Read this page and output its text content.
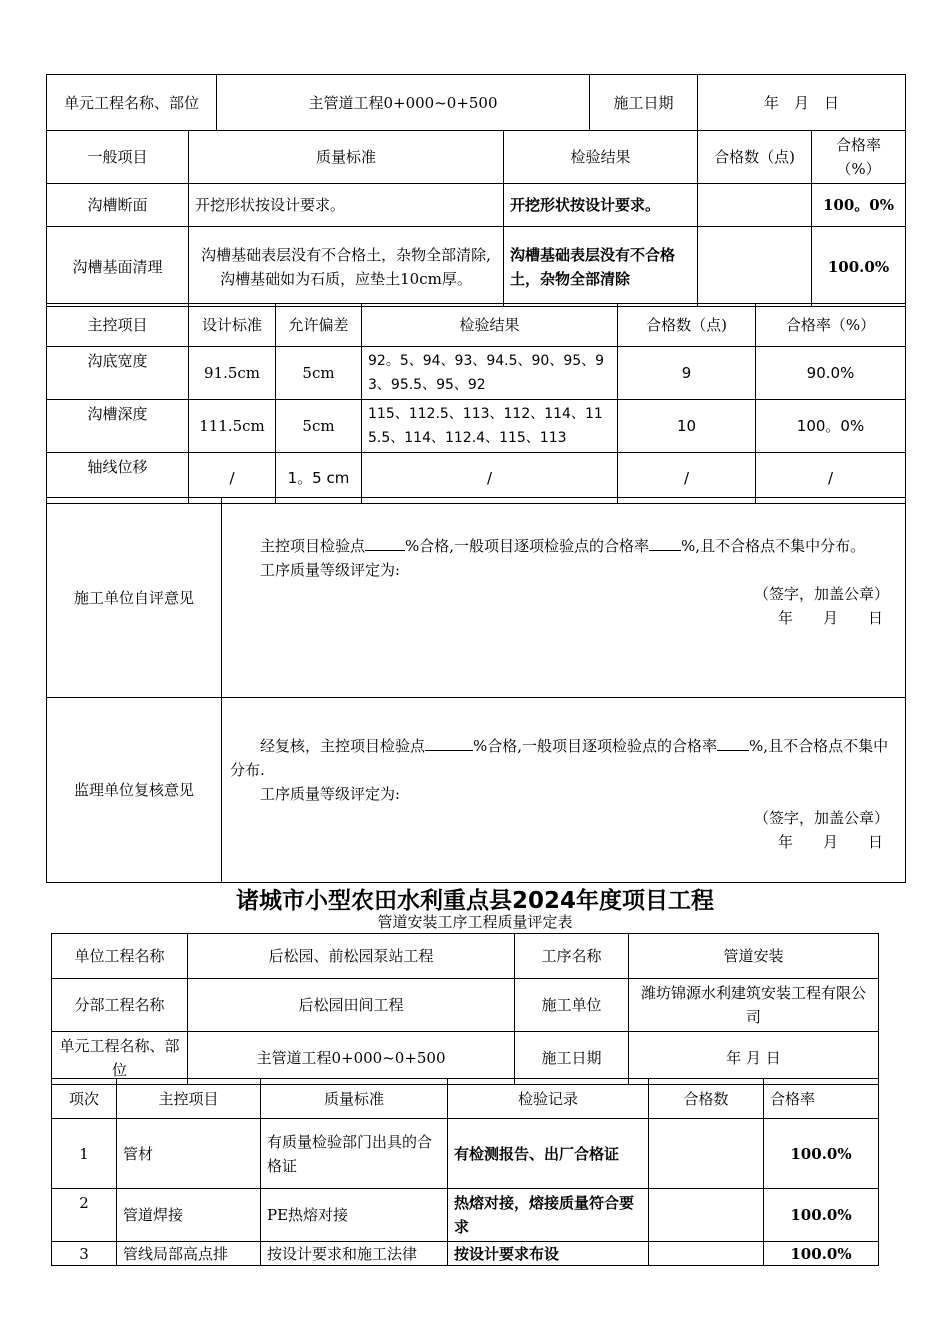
单元工程名称、部位	主管道工程0+000~0+500	施工日期	年　月　日
一般项目	质量标准	检验结果	合格数（点)	合格率（%）
沟槽断面	开挖形状按设计要求。	开挖形状按设计要求。		100。0%
沟槽基面清理	沟槽基础表层没有不合格土，杂物全部清除,沟槽基础如为石质，应垫土10cm厚。	沟槽基础表层没有不合格土，杂物全部清除		100.0%
主控项目	设计标准	允许偏差	检验结果	合格数（点)	合格率（%）
沟底宽度	91.5cm	5cm	92。5、94、93、94.5、90、95、93、95.5、95、92	9	90.0%
沟槽深度	111.5cm	5cm	115、112.5、113、112、114、115.5、114、112.4、115、113	10	100。0%
轴线位移	/	1。5 cm	/	/	/
施工单位自评意见	主控项目检验点 %合格,一般项目逐项检验点的合格率 %,且不合格点不集中分布。
工序质量等级评定为:
（签字，加盖公章）
年　　月　　日

监理单位复核意见	经复核，主控项目检验点 %合格,一般项目逐项检验点的合格率 %,且不合格点不集中分布.
工序质量等级评定为:
（签字，加盖公章）
年　　月　　日
诸城市小型农田水利重点县2024年度项目工程
管道安装工序工程质量评定表
单位工程名称	后松园、前松园泵站工程	工序名称	管道安装
分部工程名称	后松园田间工程	施工单位	潍坊锦源水利建筑安装工程有限公司
单元工程名称、部位	主管道工程0+000~0+500	施工日期	年 月 日
项次	主控项目	质量标准	检验记录	合格数	合格率
1	管材	有质量检验部门出具的合格证	有检测报告、出厂合格证		100.0%
2	管道焊接	PE热熔对接	热熔对接，熔接质量符合要求		100.0%
3	管线局部高点排	按设计要求和施工法律	按设计要求布设		100.0%
